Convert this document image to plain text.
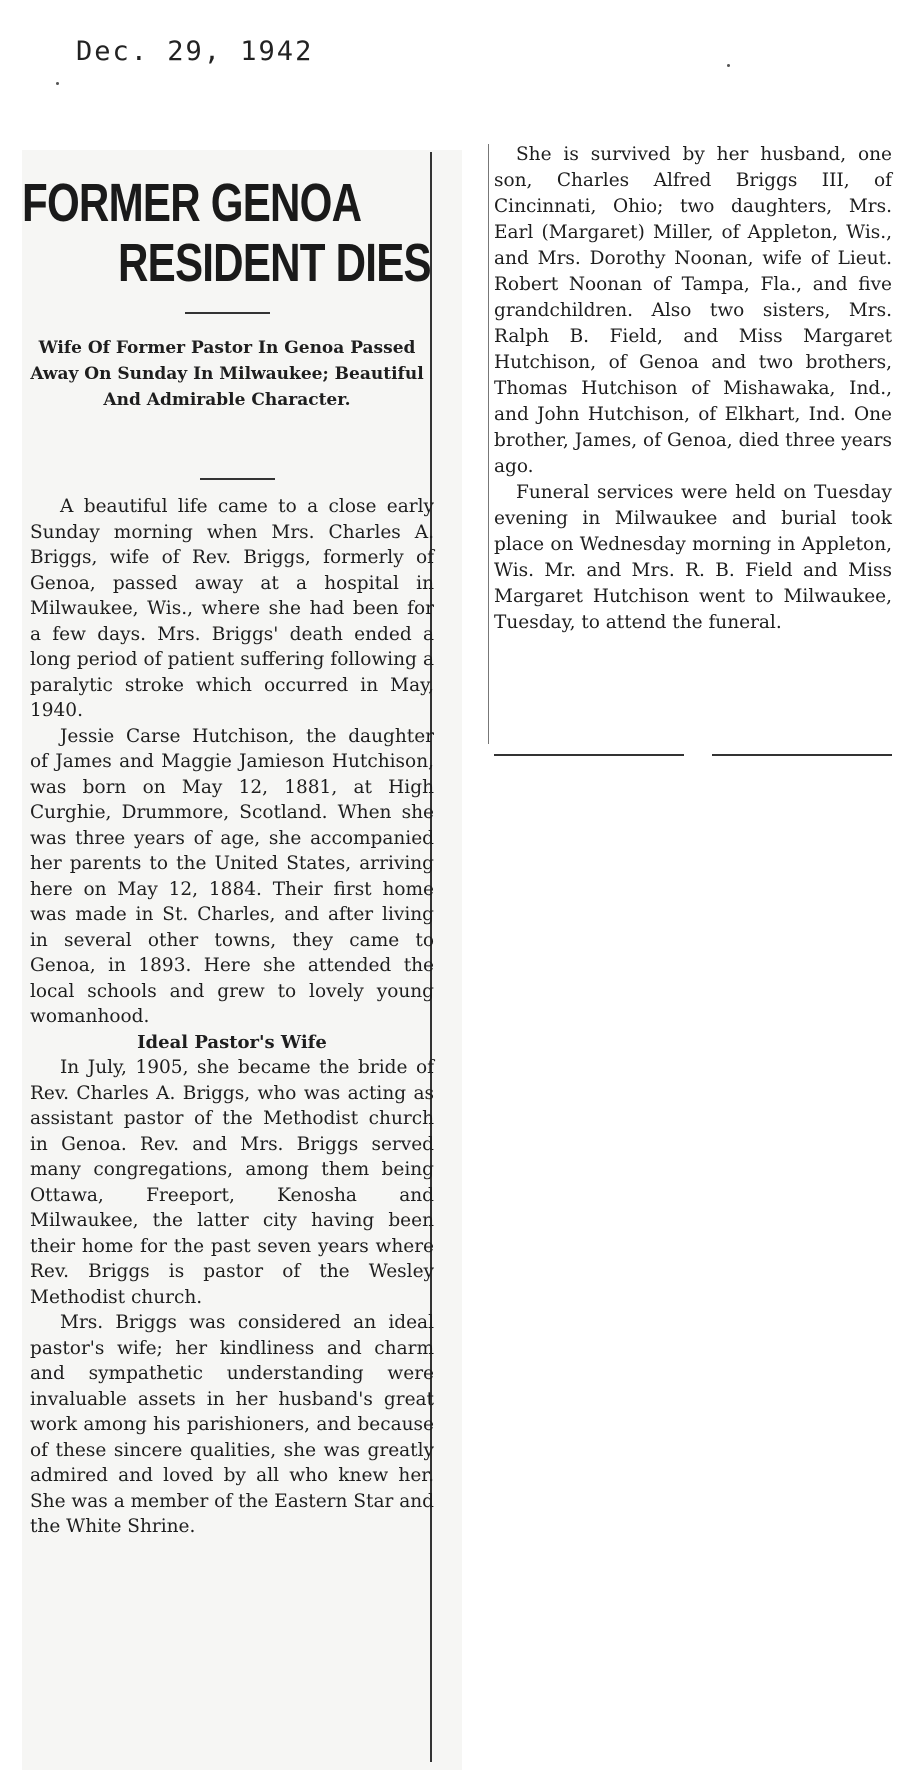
Dec. 29, 1942
FORMER GENOA
RESIDENT DIES
Wife Of Former Pastor In Genoa Passed Away On Sunday In Milwaukee; Beautiful And Admirable Character.

A beautiful life came to a close early Sunday morning when Mrs. Charles A. Briggs, wife of Rev. Briggs, formerly of Genoa, passed away at a hospital in Milwaukee, Wis., where she had been for a few days. Mrs. Briggs' death ended a long period of patient suffering following a paralytic stroke which occurred in May, 1940.

Jessie Carse Hutchison, the daughter of James and Maggie Jamieson Hutchison, was born on May 12, 1881, at High Curghie, Drummore, Scotland. When she was three years of age, she accompanied her parents to the United States, arriving here on May 12, 1884. Their first home was made in St. Charles, and after living in several other towns, they came to Genoa, in 1893. Here she attended the local schools and grew to lovely young womanhood.

Ideal Pastor's Wife

In July, 1905, she became the bride of Rev. Charles A. Briggs, who was acting as assistant pastor of the Methodist church in Genoa. Rev. and Mrs. Briggs served many congregations, among them being Ottawa, Freeport, Kenosha and Milwaukee, the latter city having been their home for the past seven years where Rev. Briggs is pastor of the Wesley Methodist church.

Mrs. Briggs was considered an ideal pastor's wife; her kindliness and charm and sympathetic understanding were invaluable assets in her husband's great work among his parishioners, and because of these sincere qualities, she was greatly admired and loved by all who knew her. She was a member of the Eastern Star and the White Shrine.

She is survived by her husband, one son, Charles Alfred Briggs III, of Cincinnati, Ohio; two daughters, Mrs. Earl (Margaret) Miller, of Appleton, Wis., and Mrs. Dorothy Noonan, wife of Lieut. Robert Noonan of Tampa, Fla., and five grandchildren. Also two sisters, Mrs. Ralph B. Field, and Miss Margaret Hutchison, of Genoa and two brothers, Thomas Hutchison of Mishawaka, Ind., and John Hutchison, of Elkhart, Ind. One brother, James, of Genoa, died three years ago.

Funeral services were held on Tuesday evening in Milwaukee and burial took place on Wednesday morning in Appleton, Wis. Mr. and Mrs. R. B. Field and Miss Margaret Hutchison went to Milwaukee, Tuesday, to attend the funeral.
